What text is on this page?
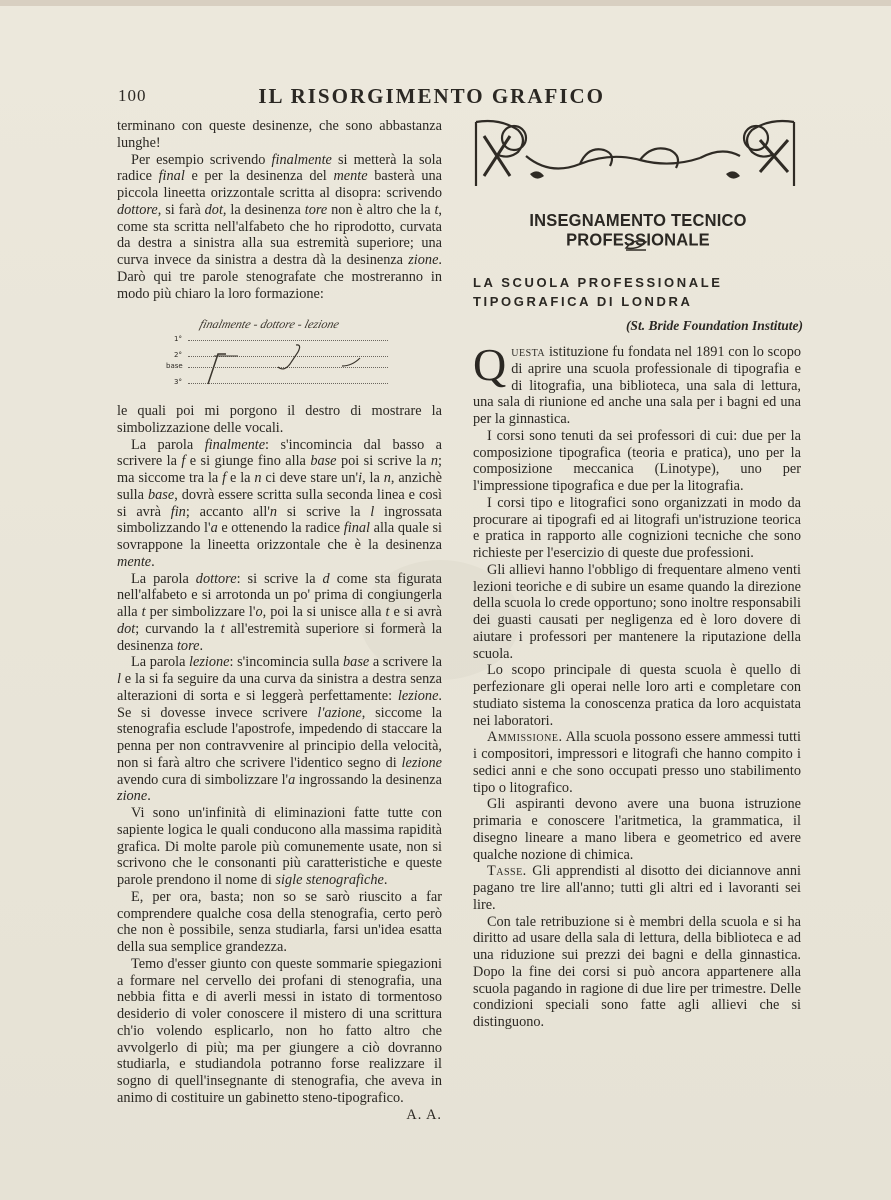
100	IL RISORGIMENTO GRAFICO

terminano con queste desinenze, che sono abbastanza lunghe!

Per esempio scrivendo finalmente si metterà la sola radice final e per la desinenza del mente basterà una piccola lineetta orizzontale scritta al disopra: scrivendo dottore, si farà dot, la desinenza tore non è altro che la t, come sta scritta nell'alfabeto che ho riprodotto, curvata da destra a sinistra alla sua estremità superiore; una curva invece da sinistra a destra dà la desinenza zione. Darò qui tre parole stenografate che mostreranno in modo più chiaro la loro formazione:

1°
2°
base
3°
finalmente - dottore - lezione

le quali poi mi porgono il destro di mostrare la simbolizzazione delle vocali.

La parola finalmente: s'incomincia dal basso a scrivere la f e si giunge fino alla base poi si scrive la n; ma siccome tra la f e la n ci deve stare un'i, la n, anzichè sulla base, dovrà essere scritta sulla seconda linea e così si avrà fin; accanto all'n si scrive la l ingrossata simbolizzando l'a e ottenendo la radice final alla quale si sovrappone la lineetta orizzontale che è la desinenza mente.

La parola dottore: si scrive la d come sta figurata nell'alfabeto e si arrotonda un po' prima di congiungerla alla t per simbolizzare l'o, poi la si unisce alla t e si avrà dot; curvando la t all'estremità superiore si formerà la desinenza tore.

La parola lezione: s'incomincia sulla base a scrivere la l e la si fa seguire da una curva da sinistra a destra senza alterazioni di sorta e si leggerà perfettamente: lezione. Se si dovesse invece scrivere l'azione, siccome la stenografia esclude l'apostrofe, impedendo di staccare la penna per non contravvenire al principio della velocità, non si farà altro che scrivere l'identico segno di lezione avendo cura di simbolizzare l'a ingrossando la desinenza zione.

Vi sono un'infinità di eliminazioni fatte tutte con sapiente logica le quali conducono alla massima rapidità grafica. Di molte parole più comunemente usate, non si scrivono che le consonanti più caratteristiche e queste parole prendono il nome di sigle stenografiche.

E, per ora, basta; non so se sarò riuscito a far comprendere qualche cosa della stenografia, certo però che non è possibile, senza studiarla, farsi un'idea esatta della sua semplice grandezza.

Temo d'esser giunto con queste sommarie spiegazioni a formare nel cervello dei profani di stenografia, una nebbia fitta e di averli messi in istato di tormentoso desiderio di voler conoscere il mistero di una scrittura ch'io volendo esplicarlo, non ho fatto altro che avvolgerlo di più; ma per giungere a ciò dovranno studiarla, e studiandola potranno forse realizzare il sogno di quell'insegnante di stenografia, che aveva in animo di costituire un gabinetto steno-tipografico.
A. A.

INSEGNAMENTO TECNICO PROFESSIONALE
LA SCUOLA PROFESSIONALE TIPOGRAFICA DI LONDRA
(St. Bride Foundation Institute)

Questa istituzione fu fondata nel 1891 con lo scopo di aprire una scuola professionale di tipografia e di litografia, una biblioteca, una sala di lettura, una sala di riunione ed anche una sala per i bagni ed una per la ginnastica.

I corsi sono tenuti da sei professori di cui: due per la composizione tipografica (teoria e pratica), uno per la composizione meccanica (Linotype), uno per l'impressione tipografica e due per la litografia.

I corsi tipo e litografici sono organizzati in modo da procurare ai tipografi ed ai litografi un'istruzione teorica e pratica in rapporto alle cognizioni tecniche che sono richieste per l'esercizio di queste due professioni.

Gli allievi hanno l'obbligo di frequentare almeno venti lezioni teoriche e di subire un esame quando la direzione della scuola lo crede opportuno; sono inoltre responsabili dei guasti causati per negligenza ed è loro dovere di aiutare i professori per mantenere la riputazione della scuola.

Lo scopo principale di questa scuola è quello di perfezionare gli operai nelle loro arti e completare con studiato sistema la conoscenza pratica da loro acquistata nei laboratori.

Ammissione. Alla scuola possono essere ammessi tutti i compositori, impressori e litografi che hanno compito i sedici anni e che sono occupati presso uno stabilimento tipo o litografico.

Gli aspiranti devono avere una buona istruzione primaria e conoscere l'aritmetica, la grammatica, il disegno lineare a mano libera e geometrico ed avere qualche nozione di chimica.

Tasse. Gli apprendisti al disotto dei diciannove anni pagano tre lire all'anno; tutti gli altri ed i lavoranti sei lire.

Con tale retribuzione si è membri della scuola e si ha diritto ad usare della sala di lettura, della biblioteca e ad una riduzione sui prezzi dei bagni e della ginnastica. Dopo la fine dei corsi si può ancora appartenere alla scuola pagando in ragione di due lire per trimestre. Delle condizioni speciali sono fatte agli allievi che si distinguono.
